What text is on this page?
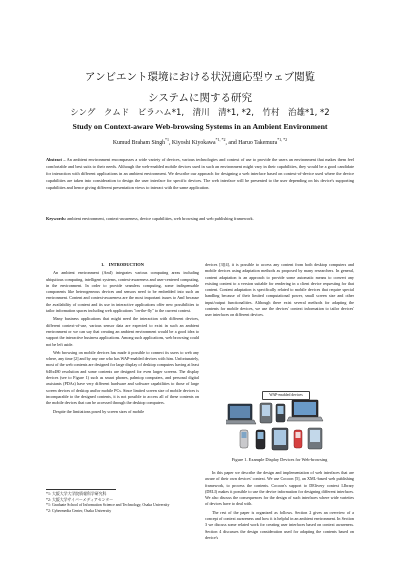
アンビエント環境における状況適応型ウェブ閲覧
システムに関する研究
シング　クムド　ビラハム*1,　清川　清*1, *2,　竹村　治雄*1, *2
Study on Context-aware Web-browsing Systems in an Ambient Environment
Kumud Braham Singh$^{*1}$, Kiyoshi Kiyokawa$^{*1, *2}$, and Haruo Takemura$^{*1, *2}$
Abstract – An ambient environment encompasses a wide variety of devices, various technologies and context of use to provide the users an environment that makes them feel comfortable and best suits to their needs. Although the web-enabled mobile devices used in such an environment might vary in their capabilities, they would be a good candidate for interaction with different applications in an ambient environment. We describe our approach for designing a web interface based on context-of-device used where the device capabilities are taken into consideration to design the user interface for specific devices. The web interface will be presented to the user depending on his device's supporting capabilities and hence giving different presentation views to interact with the same application.
Keywords: ambient environment, context-awareness, device capabilities, web browsing and web publishing framework.

1.　INTRODUCTION

An ambient environment (AmI) integrates various computing areas including ubiquitous computing, intelligent systems, context-awareness and user-centered computing, in the environment. In order to provide seamless computing, some indispensable components like heterogeneous devices and sensors need to be embedded into such an environment. Content and context-awareness are the most important issues to AmI because the availability of content and its use in interactive applications offer new possibilities to tailor information spaces including web applications "on-the-fly" to the current context.

Many business applications that might need the interaction with different devices, different context-of-use, various sensor data are expected to exist in such an ambient environment or we can say that creating an ambient environment would be a good idea to support the interactive business applications. Among such applications, web browsing could not be left aside.

Web browsing on mobile devices has made it possible to connect its users to web any where, any time [2] and by any one who has WAP-enabled devices with him. Unfortunately, most of the web contents are designed for large display of desktop computers having at least 640x480 resolution and some contents are designed for even larger screens. The display devices (see to Figure 1) such as smart phones, palmtop computers, and personal digital assistants (PDAs) have very different hardware and software capabilities to those of large screen devices of desktop and/or mobile PCs. Since limited screen size of mobile devices is incomparable to the designed contents, it is not possible to access all of these contents on the mobile devices that can be accessed through the desktop computers.

Despite the limitations posed by screen sizes of mobile

*1: 大阪大学大学院情報科学研究科
*2: 大阪大学サイバーメディアセンター
*1: Graduate School of Information Science and Technology, Osaka University
*2: Cybermedia Center, Osaka University

devices [3][4], it is possible to access any content from both desktop computers and mobile devices using adaptation methods as proposed by many researchers. In general, content adaptation is an approach to provide some automatic means to convert any existing content to a version suitable for rendering in a client device requesting for that content. Content adaptation is specifically related to mobile devices that require special handling because of their limited computational power, small screen size and other input/output functionalities. Although there exist several methods for adapting the contents for mobile devices, we use the devices' context information to tailor devices' user interfaces on different devices.

WAP-enabled devices
Figure 1. Example Display Devices for Web-browsing

In this paper we describe the design and implementation of web interfaces that are aware of their own devices' context. We use Cocoon [5], an XML-based web publishing framework, to process the contents. Cocoon's support to DElivery context LIbrary (DELI) makes it possible to use the device information for designing different interfaces. We also discuss the consequences for the design of such interfaces where wide varieties of devices have to deal with.

The rest of the paper is organized as follows. Section 2 gives an overview of a concept of context awareness and how it is helpful in an ambient environment. In Section 3 we discuss some related work for creating user interfaces based on context awareness. Section 4 discusses the design consideration used for adapting the contents based on device's
